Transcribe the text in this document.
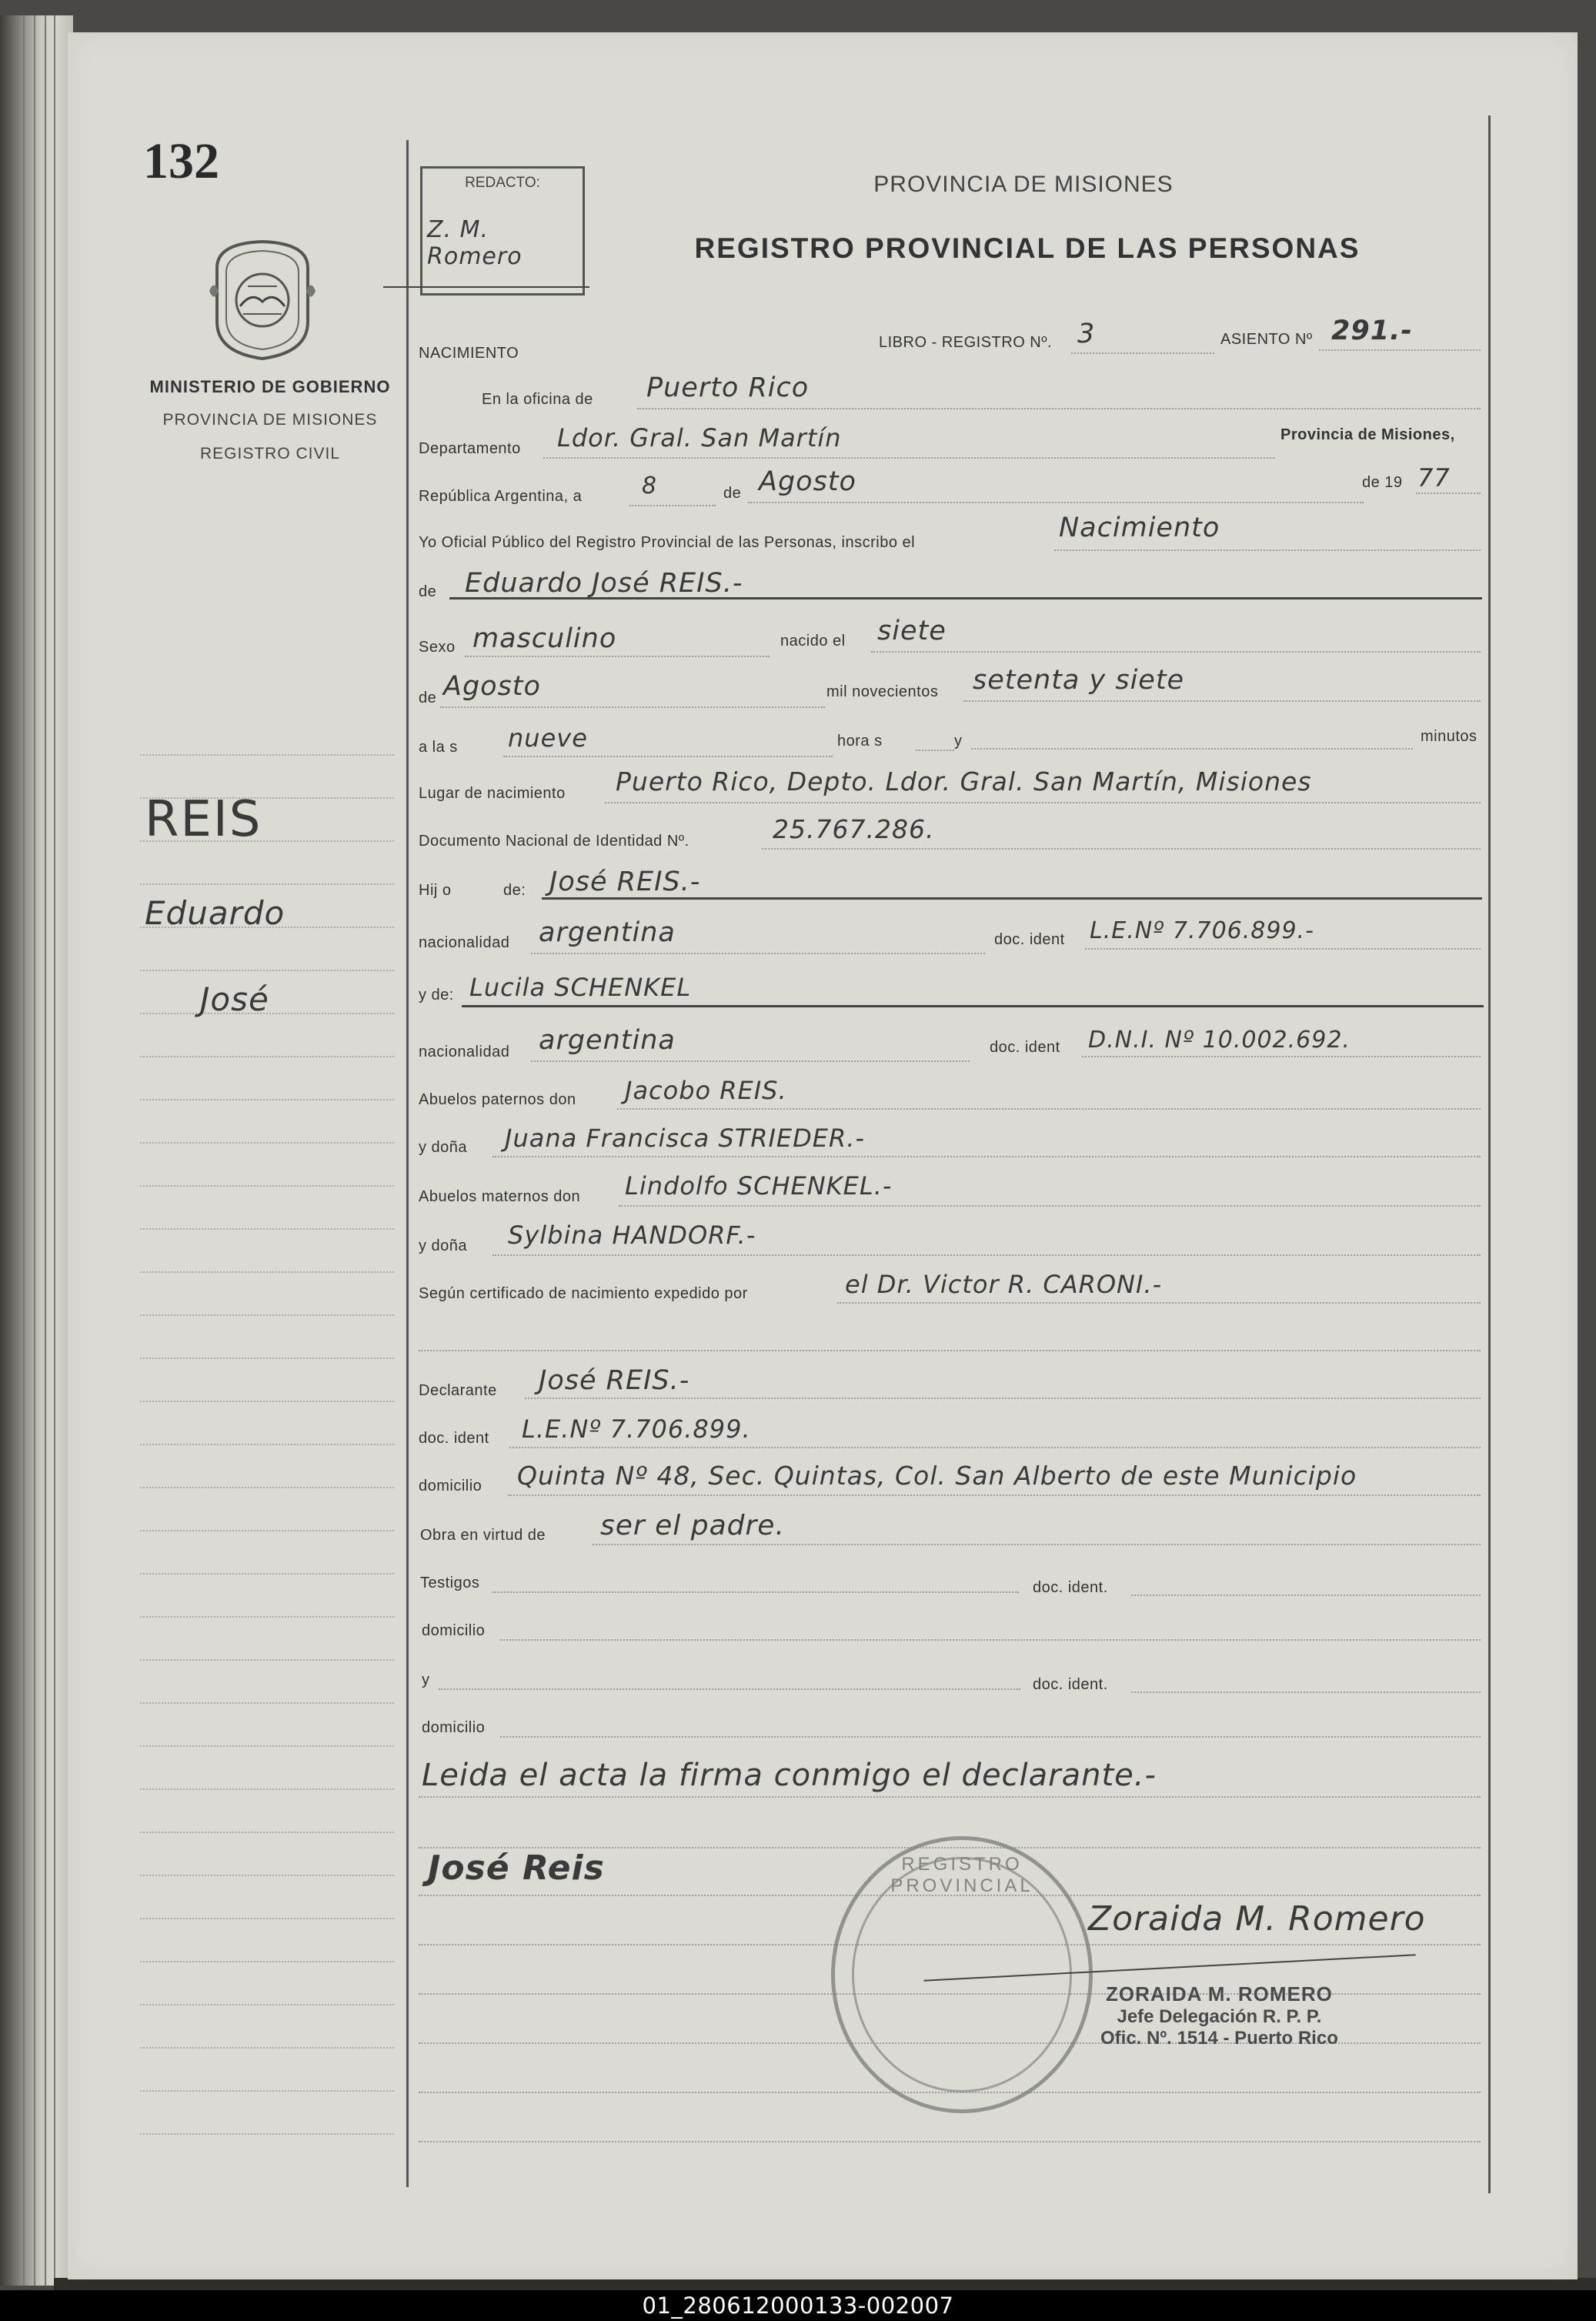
132
MINISTERIO DE GOBIERNO
PROVINCIA DE MISIONES
REGISTRO CIVIL
REIS
Eduardo
José
REDACTO:
Z. M. Romero
PROVINCIA DE MISIONES
REGISTRO PROVINCIAL DE LAS PERSONAS
NACIMIENTO
LIBRO - REGISTRO Nº. 3	ASIENTO Nº 291.-
En la oficina de Puerto Rico
Departamento Ldor. Gral. San Martín	Provincia de Misiones,
República Argentina, a	8	de Agosto	de 19 77
Yo Oficial Público del Registro Provincial de las Personas, inscribo el	Nacimiento
de Eduardo José REIS.-
Sexo masculino	nacido el siete
de Agosto	mil novecientos setenta y siete
a la s nueve	hora s	y	minutos
Lugar de nacimiento Puerto Rico, Depto. Ldor. Gral. San Martín, Misiones
Documento Nacional de Identidad Nº.	25.767.286.
Hij o	de: José REIS.-
nacionalidad argentina	doc. ident L.E.Nº 7.706.899.-
y de: Lucila SCHENKEL
nacionalidad argentina	doc. ident D.N.I. Nº 10.002.692.
Abuelos paternos don Jacobo REIS.
y doña Juana Francisca STRIEDER.-
Abuelos maternos don Lindolfo SCHENKEL.-
y doña Sylbina HANDORF.-
Según certificado de nacimiento expedido por	el Dr. Victor R. CARONI.-
Declarante José REIS.-
doc. ident L.E.Nº 7.706.899.
domicilio Quinta Nº 48, Sec. Quintas, Col. San Alberto de este Municipio
Obra en virtud de ser el padre.
Testigos	doc. ident.
domicilio
y	doc. ident.
domicilio
Leida el acta la firma conmigo el declarante.-
José Reis	REGISTRO PROVINCIAL
Zoraida M. Romero
ZORAIDA M. ROMERO
Jefe Delegación R. P. P.
Ofic. Nº. 1514 - Puerto Rico
01_280612000133-002007
